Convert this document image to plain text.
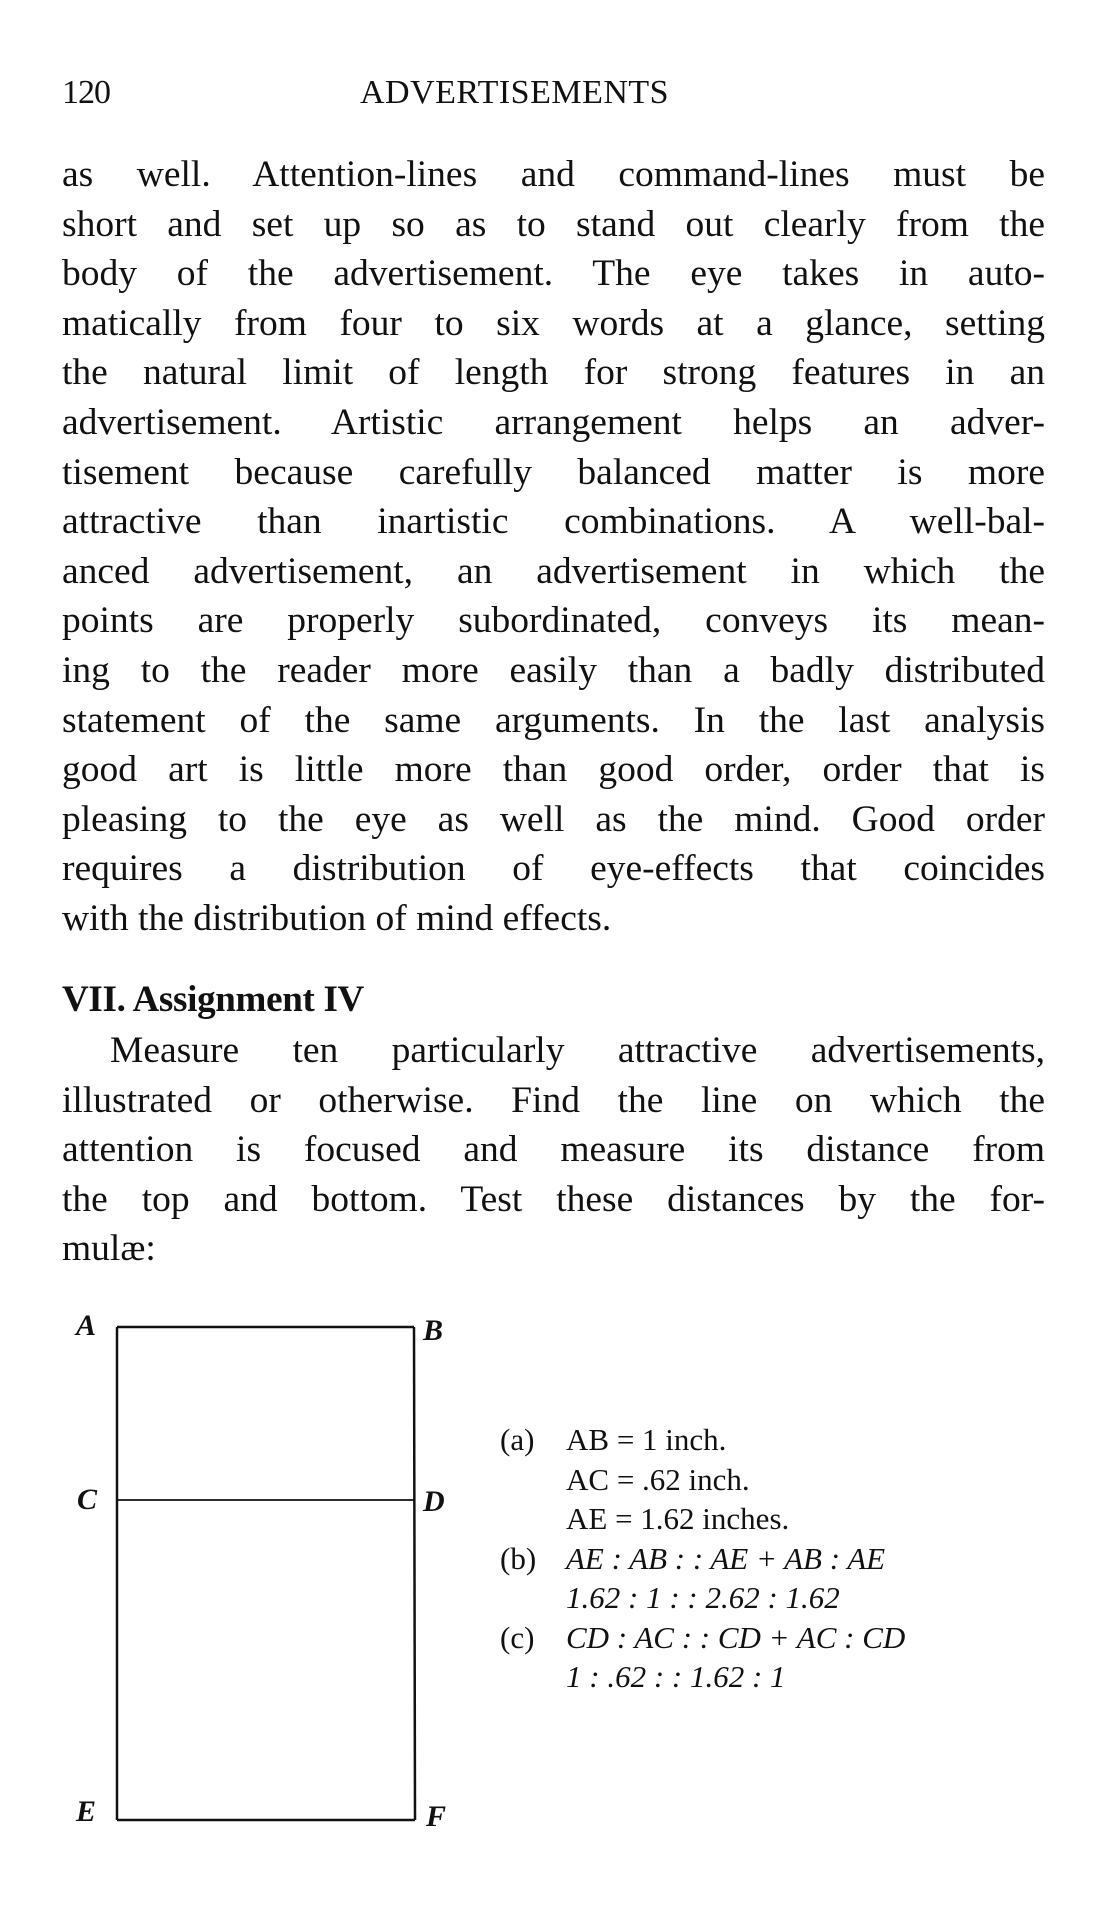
120	ADVERTISEMENTS
as well. Attention-lines and command-lines must be
short and set up so as to stand out clearly from the
body of the advertisement. The eye takes in auto-
matically from four to six words at a glance, setting
the natural limit of length for strong features in an
advertisement. Artistic arrangement helps an adver-
tisement because carefully balanced matter is more
attractive than inartistic combinations. A well-bal-
anced advertisement, an advertisement in which the
points are properly subordinated, conveys its mean-
ing to the reader more easily than a badly distributed
statement of the same arguments. In the last analysis
good art is little more than good order, order that is
pleasing to the eye as well as the mind. Good order
requires a distribution of eye-effects that coincides
with the distribution of mind effects.
VII. Assignment IV
Measure ten particularly attractive advertisements,
illustrated or otherwise. Find the line on which the
attention is focused and measure its distance from
the top and bottom. Test these distances by the for-
mulæ:
A	B
C	D
E	F
(a)	AB = 1 inch.
AC = .62 inch.
AE = 1.62 inches.
(b) AE : AB : : AE + AB : AE
1.62 : 1 : : 2.62 : 1.62
(c)	CD : AC : : CD + AC : CD
1 : .62 : : 1.62 : 1
